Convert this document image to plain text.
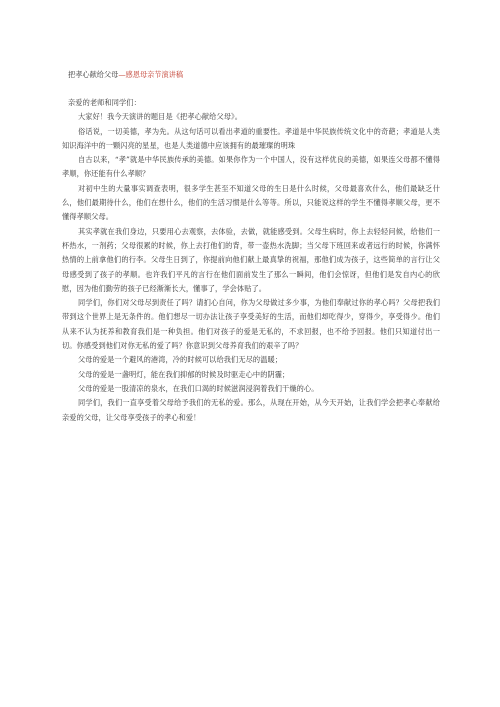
把孝心献给父母—感恩母亲节演讲稿

亲爱的老师和同学们：

大家好！我今天演讲的题目是《把孝心献给父母》。

俗话说，一切美德，孝为先。从这句话可以看出孝道的重要性。孝道是中华民族传统文化中的奇葩；孝道是人类知识海洋中的一颗闪亮的星星，也是人类道德中应该拥有的最璀璨的明珠

自古以来，“孝”就是中华民族传承的美德。如果你作为一个中国人，没有这样优良的美德，如果连父母都不懂得孝顺，你还能有什么孝顺？

对初中生的大量事实调查表明，很多学生甚至不知道父母的生日是什么时候，父母最喜欢什么，他们最缺乏什么，他们最期待什么，他们在想什么，他们的生活习惯是什么等等。所以，只能说这样的学生不懂得孝顺父母，更不懂得孝顺父母。

其实孝就在我们身边，只要用心去观察，去体验，去做，就能感受到。父母生病时，你上去轻轻问候，给他们一杯热水，一剂药；父母很累的时候，你上去打他们的背，带一壶热水洗脚；当父母下班回来或者远行的时候，你满怀热情的上前拿他们的行李。父母生日到了，你提前向他们献上最真挚的祝福，那他们成为孩子，这些简单的言行让父母感受到了孩子的孝顺。也许我们平凡的言行在他们面前发生了那么一瞬间，他们会惊讶，但他们是发自内心的欣慰，因为他们勤劳的孩子已经渐渐长大，懂事了，学会体贴了。

同学们，你们对父母尽到责任了吗？请扪心自问，你为父母做过多少事，为他们奉献过你的孝心吗？父母把我们带到这个世界上是无条件的。他们想尽一切办法让孩子享受美好的生活，而他们却吃得少，穿得少，享受得少。他们从来不认为抚养和教育我们是一种负担。他们对孩子的爱是无私的，不求回报，也不给予回报。他们只知道付出一切。你感受到他们对你无私的爱了吗？你意识到父母养育我们的艰辛了吗？

父母的爱是一个避风的港湾，冷的时候可以给我们无尽的温暖；

父母的爱是一盏明灯，能在我们抑郁的时候及时驱走心中的阴霾；

父母的爱是一股清凉的泉水，在我们口渴的时候滋润浸润着我们干燥的心。

同学们，我们一直享受着父母给予我们的无私的爱。那么，从现在开始，从今天开始，让我们学会把孝心奉献给亲爱的父母，让父母享受孩子的孝心和爱！
